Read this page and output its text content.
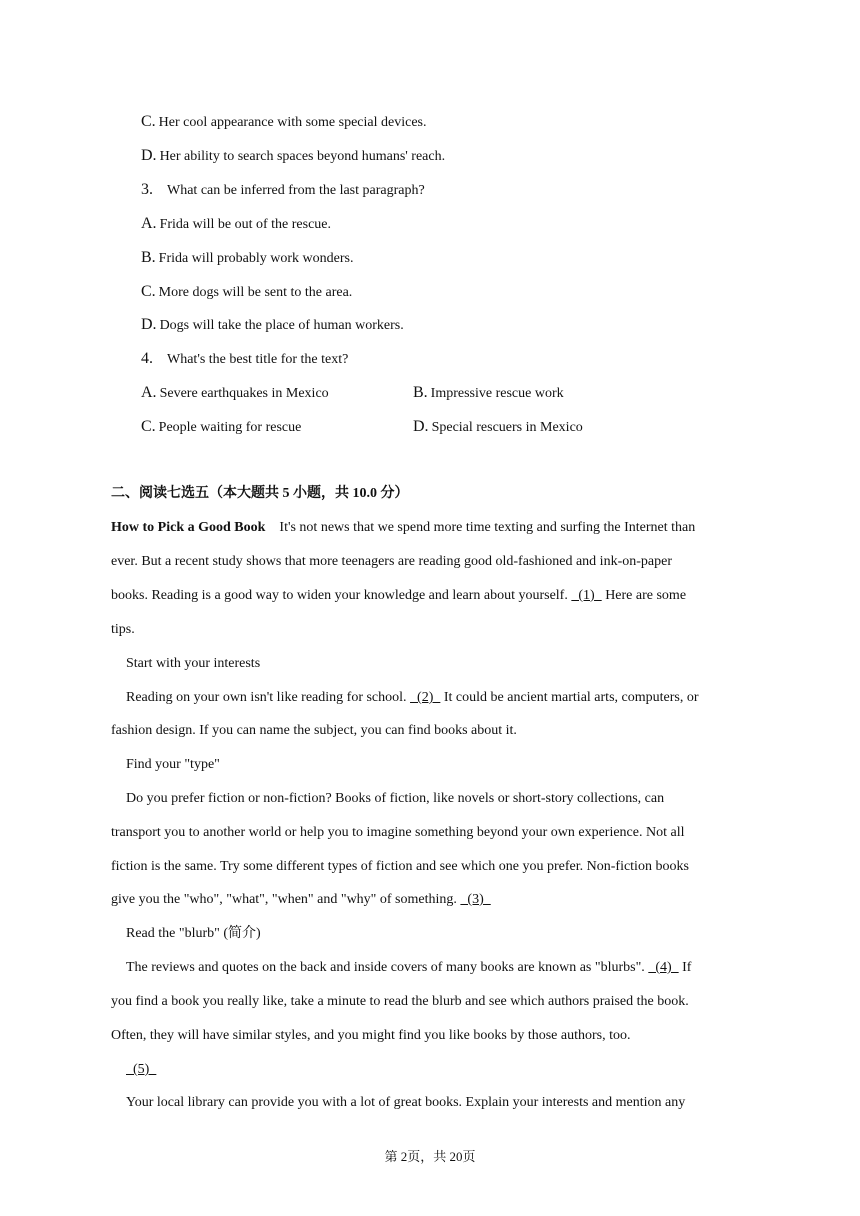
C. Her cool appearance with some special devices.
D. Her ability to search spaces beyond humans' reach.
3. What can be inferred from the last paragraph?
A. Frida will be out of the rescue.
B. Frida will probably work wonders.
C. More dogs will be sent to the area.
D. Dogs will take the place of human workers.
4. What's the best title for the text?
A. Severe earthquakes in Mexico	B. Impressive rescue work
C. People waiting for rescue	D. Special rescuers in Mexico
二、阅读七选五（本大题共 5 小题，共 10.0 分）
How to Pick a Good Book It's not news that we spend more time texting and surfing the Internet than
ever. But a recent study shows that more teenagers are reading good old-fashioned and ink-on-paper
books. Reading is a good way to widen your knowledge and learn about yourself.   (1)   Here are some
tips.
Start with your interests
Reading on your own isn't like reading for school.   (2)   It could be ancient martial arts, computers, or
fashion design. If you can name the subject, you can find books about it.
Find your "type"
Do you prefer fiction or non-fiction? Books of fiction, like novels or short-story collections, can
transport you to another world or help you to imagine something beyond your own experience. Not all
fiction is the same. Try some different types of fiction and see which one you prefer. Non-fiction books
give you the "who", "what", "when" and "why" of something.   (3)
Read the "blurb" (简介)
The reviews and quotes on the back and inside covers of many books are known as "blurbs".   (4)   If
you find a book you really like, take a minute to read the blurb and see which authors praised the book.
Often, they will have similar styles, and you might find you like books by those authors, too.
(5)
Your local library can provide you with a lot of great books. Explain your interests and mention any
第 2页，共 20页
